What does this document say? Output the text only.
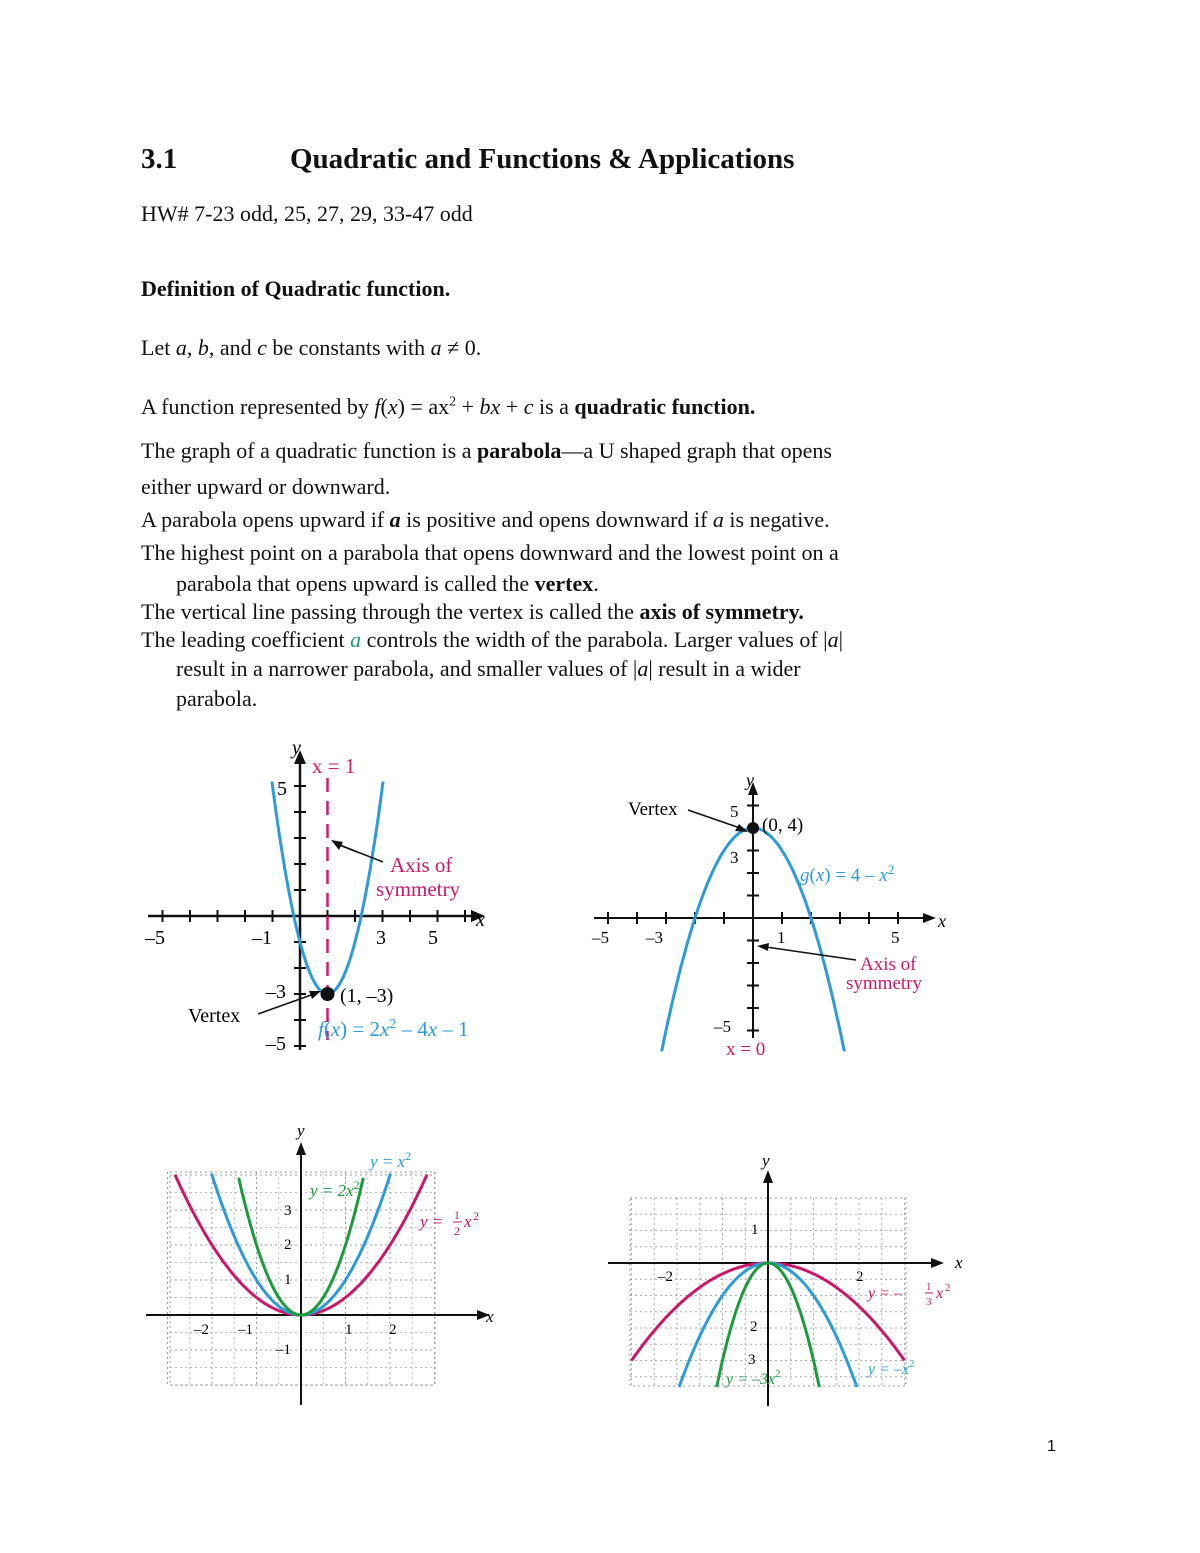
3.1	Quadratic and Functions & Applications
HW# 7-23 odd, 25, 27, 29, 33-47 odd
Definition of Quadratic function.
Let a, b, and c be constants with a ≠ 0.
A function represented by $f(x) = ax^2$ + bx + c is a quadratic function.
The graph of a quadratic function is a parabola—a U shaped graph that opens
either upward or downward.
A parabola opens upward if a is positive and opens downward if a is negative.
The highest point on a parabola that opens downward and the lowest point on a
parabola that opens upward is called the vertex.
The vertical line passing through the vertex is called the axis of symmetry.
The leading coefficient a controls the width of the parabola. Larger values of |a|
result in a narrower parabola, and smaller values of |a| result in a wider
parabola.
y
x
x = 1
5
–3
–5
–5	–1	3 5
Axis of
symmetry
Vertex
(1, –3)
$f(x) = 2x^2 - 4x - 1$
y
x
Vertex
(0, 4)
5
3
–5
–5 –3	1	5
$g(x) = 4 - x^2$
Axis of
symmetry
x = 0
y
x
$y = x^2$
$y = 2x^2$
y = 1
2 x 2
3
2
1
–1
–2 –1	1 2
y
x
1
2
3
–2	2
y = – 1
3 x 2
$y = -x^2$
$y = -3x^2$
1
